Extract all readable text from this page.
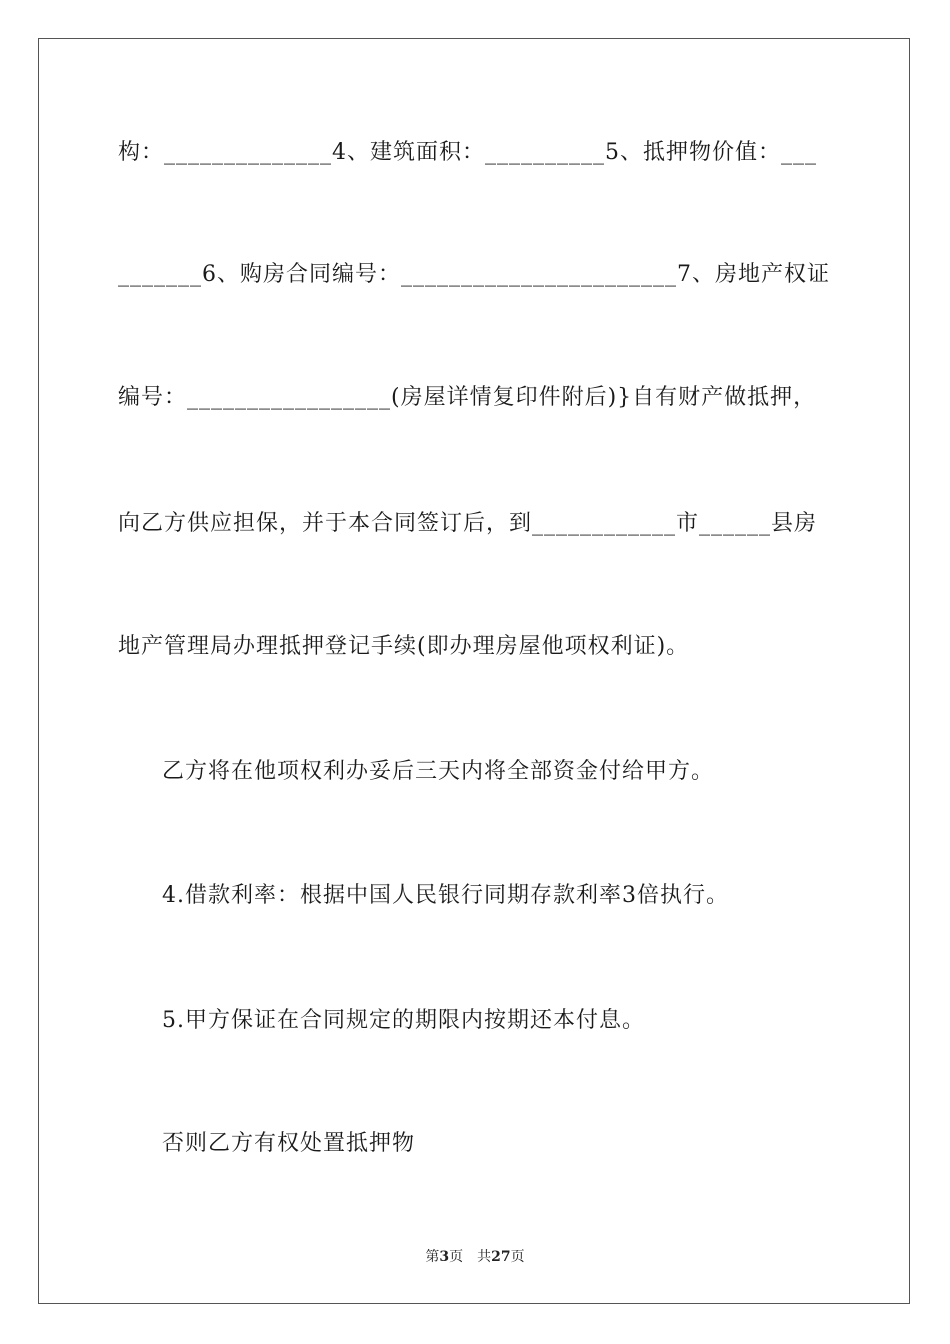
构：______________4、建筑面积：__________5、抵押物价值：___
_______6、购房合同编号：_______________________7、房地产权证
编号：_________________(房屋详情复印件附后)}自有财产做抵押，
向乙方供应担保，并于本合同签订后，到____________市______县房
地产管理局办理抵押登记手续(即办理房屋他项权利证)。
乙方将在他项权利办妥后三天内将全部资金付给甲方。
4.借款利率：根据中国人民银行同期存款利率3倍执行。
5.甲方保证在合同规定的期限内按期还本付息。
否则乙方有权处置抵押物
第3页 共27页
